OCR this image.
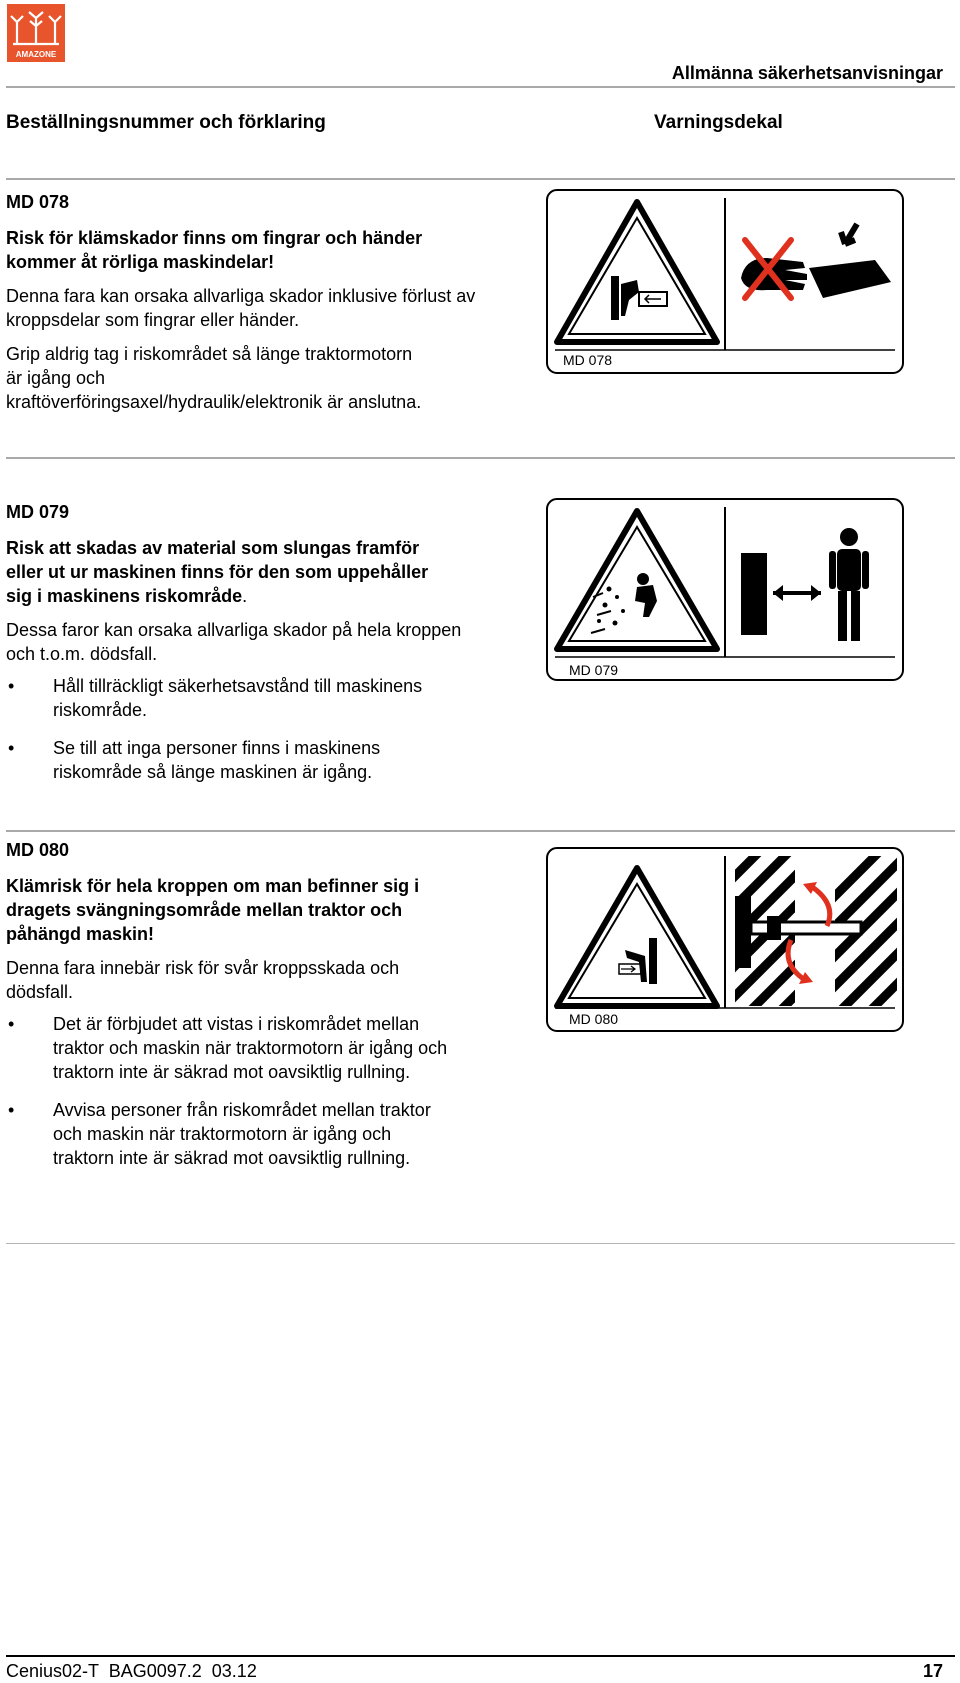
AMAZONE
Allmänna säkerhetsanvisningar
Beställningsnummer och förklaring	Varningsdekal

MD 078

Risk för klämskador finns om fingrar och händer kommer åt rörliga maskindelar!

Denna fara kan orsaka allvarliga skador inklusive förlust av kroppsdelar som fingrar eller händer.

Grip aldrig tag i riskområdet så länge traktormotorn är igång och kraftöverföringsaxel/hydraulik/elektronik är anslutna.

MD 078

MD 079

Risk att skadas av material som slungas framför eller ut ur maskinen finns för den som uppehåller sig i maskinens riskområde.

Dessa faror kan orsaka allvarliga skador på hela kroppen och t.o.m. dödsfall.

• Håll tillräckligt säkerhetsavstånd till maskinens riskområde.
• Se till att inga personer finns i maskinens riskområde så länge maskinen är igång.
MD 079

MD 080

Klämrisk för hela kroppen om man befinner sig i dragets svängningsområde mellan traktor och påhängd maskin!

Denna fara innebär risk för svår kroppsskada och dödsfall.

• Det är förbjudet att vistas i riskområdet mellan traktor och maskin när traktormotorn är igång och traktorn inte är säkrad mot oavsiktlig rullning.
• Avvisa personer från riskområdet mellan traktor och maskin när traktormotorn är igång och traktorn inte är säkrad mot oavsiktlig rullning.
MD 080
Cenius02-T  BAG0097.2  03.12	17
